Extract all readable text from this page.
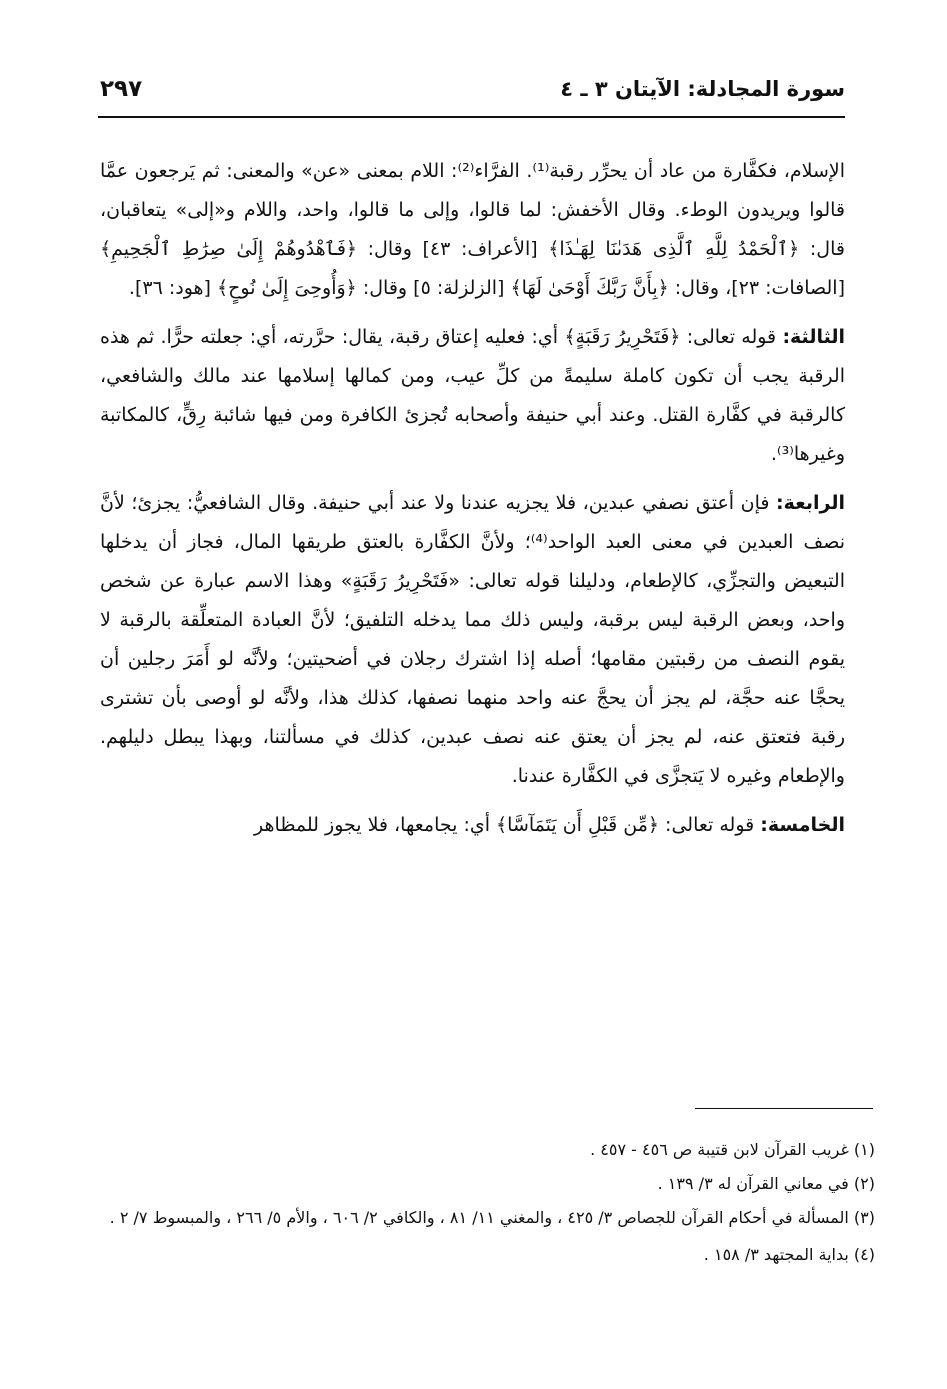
سورة المجادلة: الآيتان ٣ ـ ٤
٢٩٧

الإسلام، فكفَّارة من عاد أن يحرِّر رقبة⁽¹⁾. الفرَّاء⁽²⁾: اللام بمعنى «عن» والمعنى: ثم يَرجعون عمَّا قالوا ويريدون الوطء. وقال الأخفش: لما قالوا، وإلى ما قالوا، واحد، واللام و«إلى» يتعاقبان، قال: ﴿ٱلْحَمْدُ لِلَّهِ ٱلَّذِى هَدَىٰنَا لِهَـٰذَا﴾ [الأعراف: ٤٣] وقال: ﴿فَٱهْدُوهُمْ إِلَىٰ صِرَٰطِ ٱلْجَحِيمِ﴾ [الصافات: ٢٣]، وقال: ﴿بِأَنَّ رَبَّكَ أَوْحَىٰ لَهَا﴾ [الزلزلة: ٥] وقال: ﴿وَأُوحِىَ إِلَىٰ نُوحٍ﴾ [هود: ٣٦].

الثالثة: قوله تعالى: ﴿فَتَحْرِيرُ رَقَبَةٍ﴾ أي: فعليه إعتاق رقبة، يقال: حرَّرته، أي: جعلته حرًّا. ثم هذه الرقبة يجب أن تكون كاملة سليمةً من كلِّ عيب، ومن كمالها إسلامها عند مالك والشافعي، كالرقبة في كفَّارة القتل. وعند أبي حنيفة وأصحابه تُجزئ الكافرة ومن فيها شائبة رِقٍّ، كالمكاتبة وغيرها⁽³⁾.

الرابعة: فإن أعتق نصفي عبدين، فلا يجزيه عندنا ولا عند أبي حنيفة. وقال الشافعيُّ: يجزئ؛ لأنَّ نصف العبدين في معنى العبد الواحد⁽⁴⁾؛ ولأنَّ الكفَّارة بالعتق طريقها المال، فجاز أن يدخلها التبعيض والتجزِّي، كالإطعام، ودليلنا قوله تعالى: «فَتَحْرِيرُ رَقَبَةٍ» وهذا الاسم عبارة عن شخص واحد، وبعض الرقبة ليس برقبة، وليس ذلك مما يدخله التلفيق؛ لأنَّ العبادة المتعلِّقة بالرقبة لا يقوم النصف من رقبتين مقامها؛ أصله إذا اشترك رجلان في أضحيتين؛ ولأنَّه لو أَمَرَ رجلين أن يحجَّا عنه حجَّة، لم يجز أن يحجَّ عنه واحد منهما نصفها، كذلك هذا، ولأنَّه لو أوصى بأن تشترى رقبة فتعتق عنه، لم يجز أن يعتق عنه نصف عبدين، كذلك في مسألتنا، وبهذا يبطل دليلهم. والإطعام وغيره لا يَتجزَّى في الكفَّارة عندنا.

الخامسة: قوله تعالى: ﴿مِّن قَبْلِ أَن يَتَمَآسَّا﴾ أي: يجامعها، فلا يجوز للمظاهر

(١) غريب القرآن لابن قتيبة ص ٤٥٦ - ٤٥٧ .

(٢) في معاني القرآن له ٣/ ١٣٩ .

(٣) المسألة في أحكام القرآن للجصاص ٣/ ٤٢٥ ، والمغني ١١/ ٨١ ، والكافي ٢/ ٦٠٦ ، والأم ٥/ ٢٦٦ ، والمبسوط ٧/ ٢ .

(٤) بداية المجتهد ٣/ ١٥٨ .
